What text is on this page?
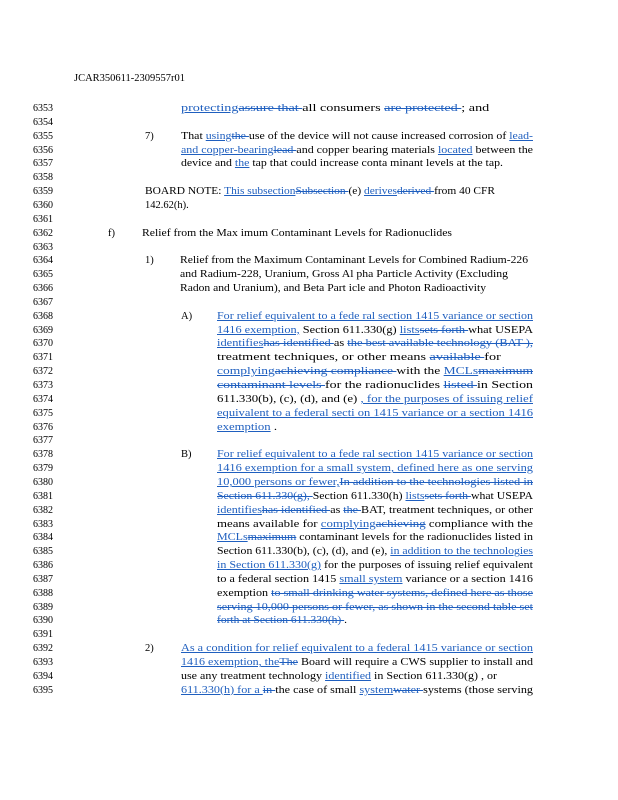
JCAR350611-2309557r01
6353
6354
6355
6356
6357
6358
6359
6360
6361
6362
6363
6364
6365
6366
6367
6368
6369
6370
6371
6372
6373
6374
6375
6376
6377
6378
6379
6380
6381
6382
6383
6384
6385
6386
6387
6388
6389
6390
6391
6392
6393
6394
6395
protectingassure that all consumers are protected ; and
That usingthe use of the device will not cause increased corrosion of lead-
and copper-bearinglead and copper bearing materials located between the
device and the tap that could increase conta minant levels at the tap.
BOARD NOTE: This subsectionSubsection (e) derivesderived from 40 CFR
142.62(h).
Relief from the Max imum Contaminant Levels for Radionuclides
Relief from the Maximum Contaminant Levels for Combined Radium-226
and Radium-228, Uranium, Gross Al pha Particle Activity (Excluding
Radon and Uranium), and Beta Part icle and Photon Radioactivity
For relief equivalent to a fede ral section 1415 variance or section
1416 exemption, Section 611.330(g) listssets forth what USEPA
identifieshas identified as the best available technology (BAT ),
treatment techniques, or other means available for
complyingachieving compliance with the MCLsmaximum
contaminant levels for the radionuclides listed in Section
611.330(b), (c), (d), and (e) , for the purposes of issuing relief
equivalent to a federal secti on 1415 variance or a section 1416
exemption .
For relief equivalent to a fede ral section 1415 variance or section
1416 exemption for a small system, defined here as one serving
10,000 persons or fewer,In addition to the technologies listed in
Section 611.330(g), Section 611.330(h) listssets forth what USEPA
identifieshas identified as the BAT, treatment techniques, or other
means available for complyingachieving compliance with the
MCLsmaximum contaminant levels for the radionuclides listed in
Section 611.330(b), (c), (d), and (e), in addition to the technologies
in Section 611.330(g) for the purposes of issuing relief equivalent
to a federal section 1415 small system variance or a section 1416
exemption to small drinking water systems, defined here as those
serving 10,000 persons or fewer, as shown in the second table set
forth at Section 611.330(h) .
As a condition for relief equivalent to a federal 1415 variance or section
1416 exemption, theThe Board will require a CWS supplier to install and
use any treatment technology identified in Section 611.330(g) , or
611.330(h) for a in the case of small systemwater systems (those serving
7)
f)
1)
A)
B)
2)
